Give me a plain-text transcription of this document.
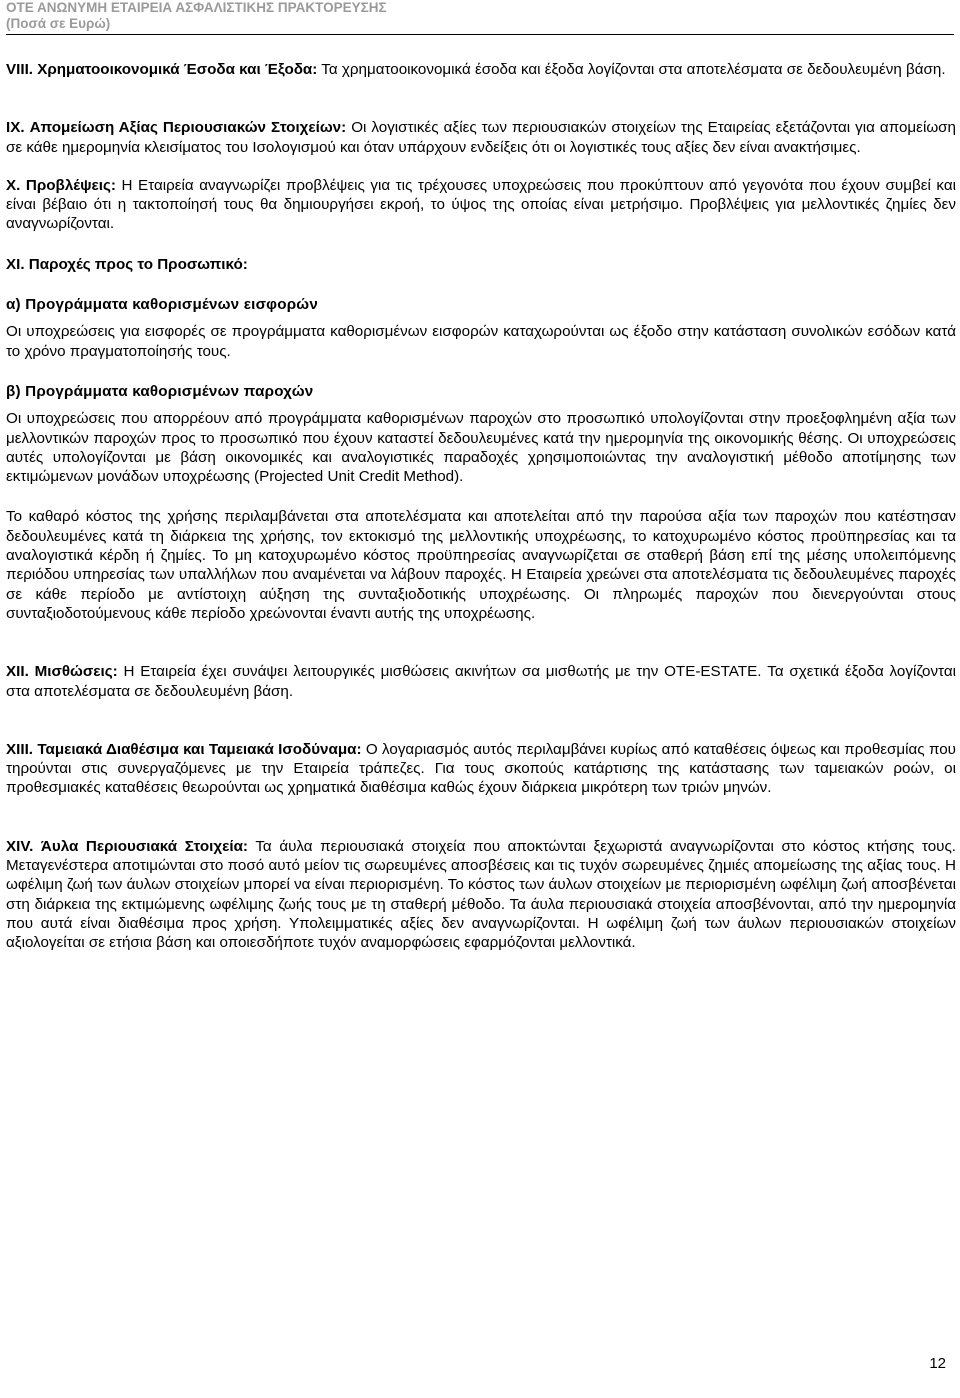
ΟΤΕ ΑΝΩΝΥΜΗ ΕΤΑΙΡΕΙΑ ΑΣΦΑΛΙΣΤΙΚΗΣ ΠΡΑΚΤΟΡΕΥΣΗΣ
(Ποσά σε Ευρώ)

VIII. Χρηματοοικονομικά Έσοδα και Έξοδα: Τα χρηματοοικονομικά έσοδα και έξοδα λογίζονται στα αποτελέσματα σε δεδουλευμένη βάση.

IX. Απομείωση Αξίας Περιουσιακών Στοιχείων: Οι λογιστικές αξίες των περιουσιακών στοιχείων της Εταιρείας εξετάζονται για απομείωση σε κάθε ημερομηνία κλεισίματος του Ισολογισμού και όταν υπάρχουν ενδείξεις ότι οι λογιστικές τους αξίες δεν είναι ανακτήσιμες.

X. Προβλέψεις: Η Εταιρεία αναγνωρίζει προβλέψεις για τις τρέχουσες υποχρεώσεις που προκύπτουν από γεγονότα που έχουν συμβεί και είναι βέβαιο ότι η τακτοποίησή τους θα δημιουργήσει εκροή, το ύψος της οποίας είναι μετρήσιμο. Προβλέψεις για μελλοντικές ζημίες δεν αναγνωρίζονται.

XI. Παροχές προς το Προσωπικό:

α) Προγράμματα καθορισμένων εισφορών

Οι υποχρεώσεις για εισφορές σε προγράμματα καθορισμένων εισφορών καταχωρούνται ως έξοδο στην κατάσταση συνολικών εσόδων κατά το χρόνο πραγματοποίησής τους.

β) Προγράμματα καθορισμένων παροχών

Οι υποχρεώσεις που απορρέουν από προγράμματα καθορισμένων παροχών στο προσωπικό υπολογίζονται στην προεξοφλημένη αξία των μελλοντικών παροχών προς το προσωπικό που έχουν καταστεί δεδουλευμένες κατά την ημερομηνία της οικονομικής θέσης. Οι υποχρεώσεις αυτές υπολογίζονται με βάση οικονομικές και αναλογιστικές παραδοχές χρησιμοποιώντας την αναλογιστική μέθοδο αποτίμησης των εκτιμώμενων μονάδων υποχρέωσης (Projected Unit Credit Method).

Το καθαρό κόστος της χρήσης περιλαμβάνεται στα αποτελέσματα και αποτελείται από την παρούσα αξία των παροχών που κατέστησαν δεδουλευμένες κατά τη διάρκεια της χρήσης, τον εκτοκισμό της μελλοντικής υποχρέωσης, το κατοχυρωμένο κόστος προϋπηρεσίας και τα αναλογιστικά κέρδη ή ζημίες. Το μη κατοχυρωμένο κόστος προϋπηρεσίας αναγνωρίζεται σε σταθερή βάση επί της μέσης υπολειπόμενης περιόδου υπηρεσίας των υπαλλήλων που αναμένεται να λάβουν παροχές. Η Εταιρεία χρεώνει στα αποτελέσματα τις δεδουλευμένες παροχές σε κάθε περίοδο με αντίστοιχη αύξηση της συνταξιοδοτικής υποχρέωσης. Οι πληρωμές παροχών που διενεργούνται στους συνταξιοδοτούμενους κάθε περίοδο χρεώνονται έναντι αυτής της υποχρέωσης.

XII. Μισθώσεις: Η Εταιρεία έχει συνάψει λειτουργικές μισθώσεις ακινήτων σα μισθωτής με την ΟΤΕ-ESTATE. Τα σχετικά έξοδα λογίζονται στα αποτελέσματα σε δεδουλευμένη βάση.

XIII. Ταμειακά Διαθέσιμα και Ταμειακά Ισοδύναμα: Ο λογαριασμός αυτός περιλαμβάνει κυρίως από καταθέσεις όψεως και προθεσμίας που τηρούνται στις συνεργαζόμενες με την Εταιρεία τράπεζες. Για τους σκοπούς κατάρτισης της κατάστασης των ταμειακών ροών, οι προθεσμιακές καταθέσεις θεωρούνται ως χρηματικά διαθέσιμα καθώς έχουν διάρκεια μικρότερη των τριών μηνών.

XIV. Άυλα Περιουσιακά Στοιχεία: Τα άυλα περιουσιακά στοιχεία που αποκτώνται ξεχωριστά αναγνωρίζονται στο κόστος κτήσης τους. Μεταγενέστερα αποτιμώνται στο ποσό αυτό μείον τις σωρευμένες αποσβέσεις και τις τυχόν σωρευμένες ζημιές απομείωσης της αξίας τους. Η ωφέλιμη ζωή των άυλων στοιχείων μπορεί να είναι περιορισμένη. Το κόστος των άυλων στοιχείων με περιορισμένη ωφέλιμη ζωή αποσβένεται στη διάρκεια της εκτιμώμενης ωφέλιμης ζωής τους με τη σταθερή μέθοδο. Τα άυλα περιουσιακά στοιχεία αποσβένονται, από την ημερομηνία που αυτά είναι διαθέσιμα προς χρήση. Υπολειμματικές αξίες δεν αναγνωρίζονται. Η ωφέλιμη ζωή των άυλων περιουσιακών στοιχείων αξιολογείται σε ετήσια βάση και οποιεσδήποτε τυχόν αναμορφώσεις εφαρμόζονται μελλοντικά.

12
